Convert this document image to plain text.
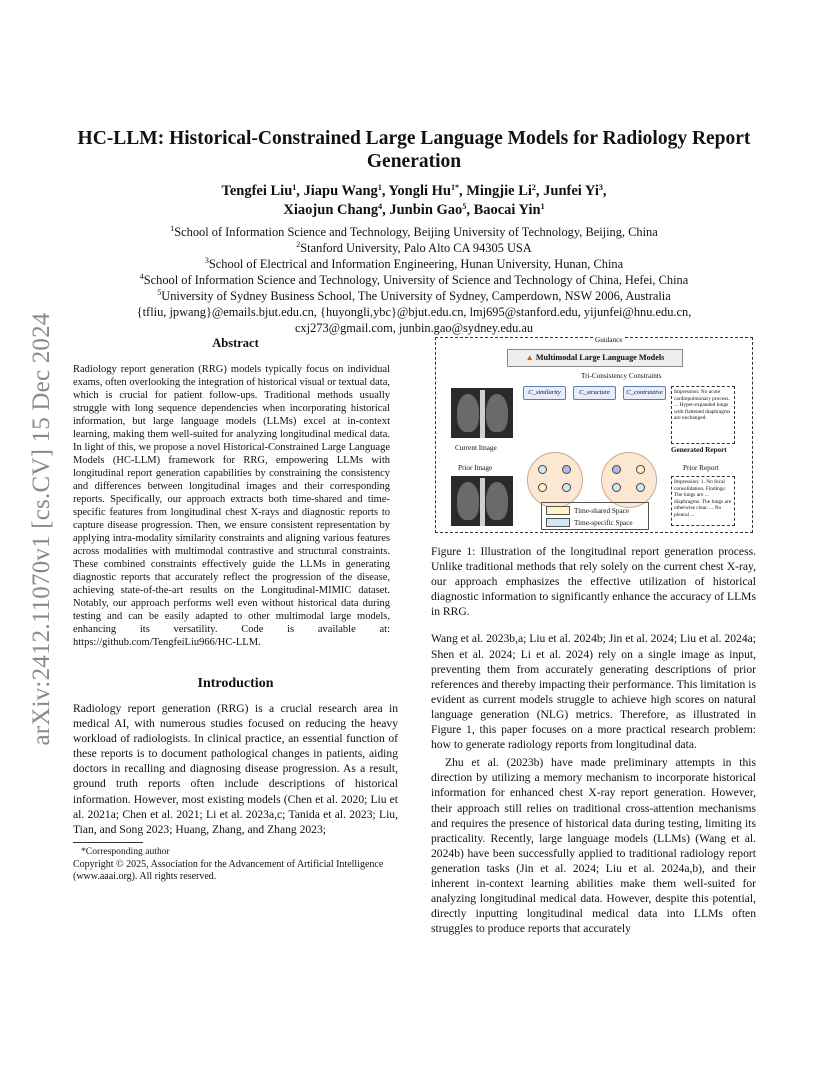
arXiv:2412.11070v1 [cs.CV] 15 Dec 2024
HC-LLM: Historical-Constrained Large Language Models for Radiology Report Generation
Tengfei Liu$^1$, Jiapu Wang$^1$, Yongli $Hu^{1*}$, Mingjie Li$^2$, Junfei Yi$^3$,
Xiaojun Chang$^4$, Junbin Gao$^5$, Baocai Yin$^1$
$^1$School of Information Science and Technology, Beijing University of Technology, Beijing, China
$^2$Stanford University, Palo Alto CA 94305 USA
$^3$School of Electrical and Information Engineering, Hunan University, Hunan, China
$^4$School of Information Science and Technology, University of Science and Technology of China, Hefei, China
$^5$University of Sydney Business School, The University of Sydney, Camperdown, NSW 2006, Australia
{tfliu, jpwang}@emails.bjut.edu.cn, {huyongli,ybc}@bjut.edu.cn, lmj695@stanford.edu, yijunfei@hnu.edu.cn,
cxj273@gmail.com, junbin.gao@sydney.edu.au
Abstract
Radiology report generation (RRG) models typically focus on individual exams, often overlooking the integration of historical visual or textual data, which is crucial for patient follow-ups. Traditional methods usually struggle with long sequence dependencies when incorporating historical information, but large language models (LLMs) excel at in-context learning, making them well-suited for analyzing longitudinal medical data. In light of this, we propose a novel Historical-Constrained Large Language Models (HC-LLM) framework for RRG, empowering LLMs with longitudinal report generation capabilities by constraining the consistency and differences between longitudinal images and their corresponding reports. Specifically, our approach extracts both time-shared and time-specific features from longitudinal chest X-rays and diagnostic reports to capture disease progression. Then, we ensure consistent representation by applying intra-modality similarity constraints and aligning various features across modalities with multimodal contrastive and structural constraints. These combined constraints effectively guide the LLMs in generating diagnostic reports that accurately reflect the progression of the disease, achieving state-of-the-art results on the Longitudinal-MIMIC dataset. Notably, our approach performs well even without historical data during testing and can be easily adapted to other multimodal large models, enhancing its versatility. Code is available at: https://github.com/TengfeiLiu966/HC-LLM.
Introduction
Radiology report generation (RRG) is a crucial research area in medical AI, with numerous studies focused on reducing the heavy workload of radiologists. In clinical practice, an essential function of these reports is to document pathological changes in patients, aiding doctors in recalling and diagnosing disease progression. As a result, ground truth reports often include descriptions of historical information. However, most existing models (Chen et al. 2020; Liu et al. 2021a; Chen et al. 2021; Li et al. 2023a,c; Tanida et al. 2023; Liu, Tian, and Song 2023; Huang, Zhang, and Zhang 2023;
*Corresponding author
Copyright © 2025, Association for the Advancement of Artificial Intelligence (www.aaai.org). All rights reserved.
Guidance
▲ Multimodal Large Language Models
Tri-Consistency Constraints
C_similarity	C_structure	C_contrastive
Current Image
Prior Image
Impression: No acute cardiopulmonary process. ... Hyper-expanded lungs with flattened diaphragms are unchanged.
Generated Report
Prior Report
Impression: 1. No focal consolidation. Findings: The lungs are ... diaphragms. The lungs are otherwise clear. ... No pleural ...
Time-shared Space
Time-specific Space
Figure 1: Illustration of the longitudinal report generation process. Unlike traditional methods that rely solely on the current chest X-ray, our approach emphasizes the effective utilization of historical diagnostic information to significantly enhance the accuracy of LLMs in RRG.
Wang et al. 2023b,a; Liu et al. 2024b; Jin et al. 2024; Liu et al. 2024a; Shen et al. 2024; Li et al. 2024) rely on a single image as input, preventing them from accurately generating descriptions of prior references and thereby impacting their performance. This limitation is evident as current models struggle to achieve high scores on natural language generation (NLG) metrics. Therefore, as illustrated in Figure 1, this paper focuses on a more practical research problem: how to generate radiology reports from longitudinal data.
Zhu et al. (2023b) have made preliminary attempts in this direction by utilizing a memory mechanism to incorporate historical information for enhanced chest X-ray report generation. However, their approach still relies on traditional cross-attention mechanisms and requires the presence of historical data during testing, limiting its practicality. Recently, large language models (LLMs) (Wang et al. 2024b) have been successfully applied to traditional radiology report generation tasks (Jin et al. 2024; Liu et al. 2024a,b), and their inherent in-context learning abilities make them well-suited for analyzing longitudinal medical data. However, despite this potential, directly inputting longitudinal medical data into LLMs often struggles to produce reports that accurately
